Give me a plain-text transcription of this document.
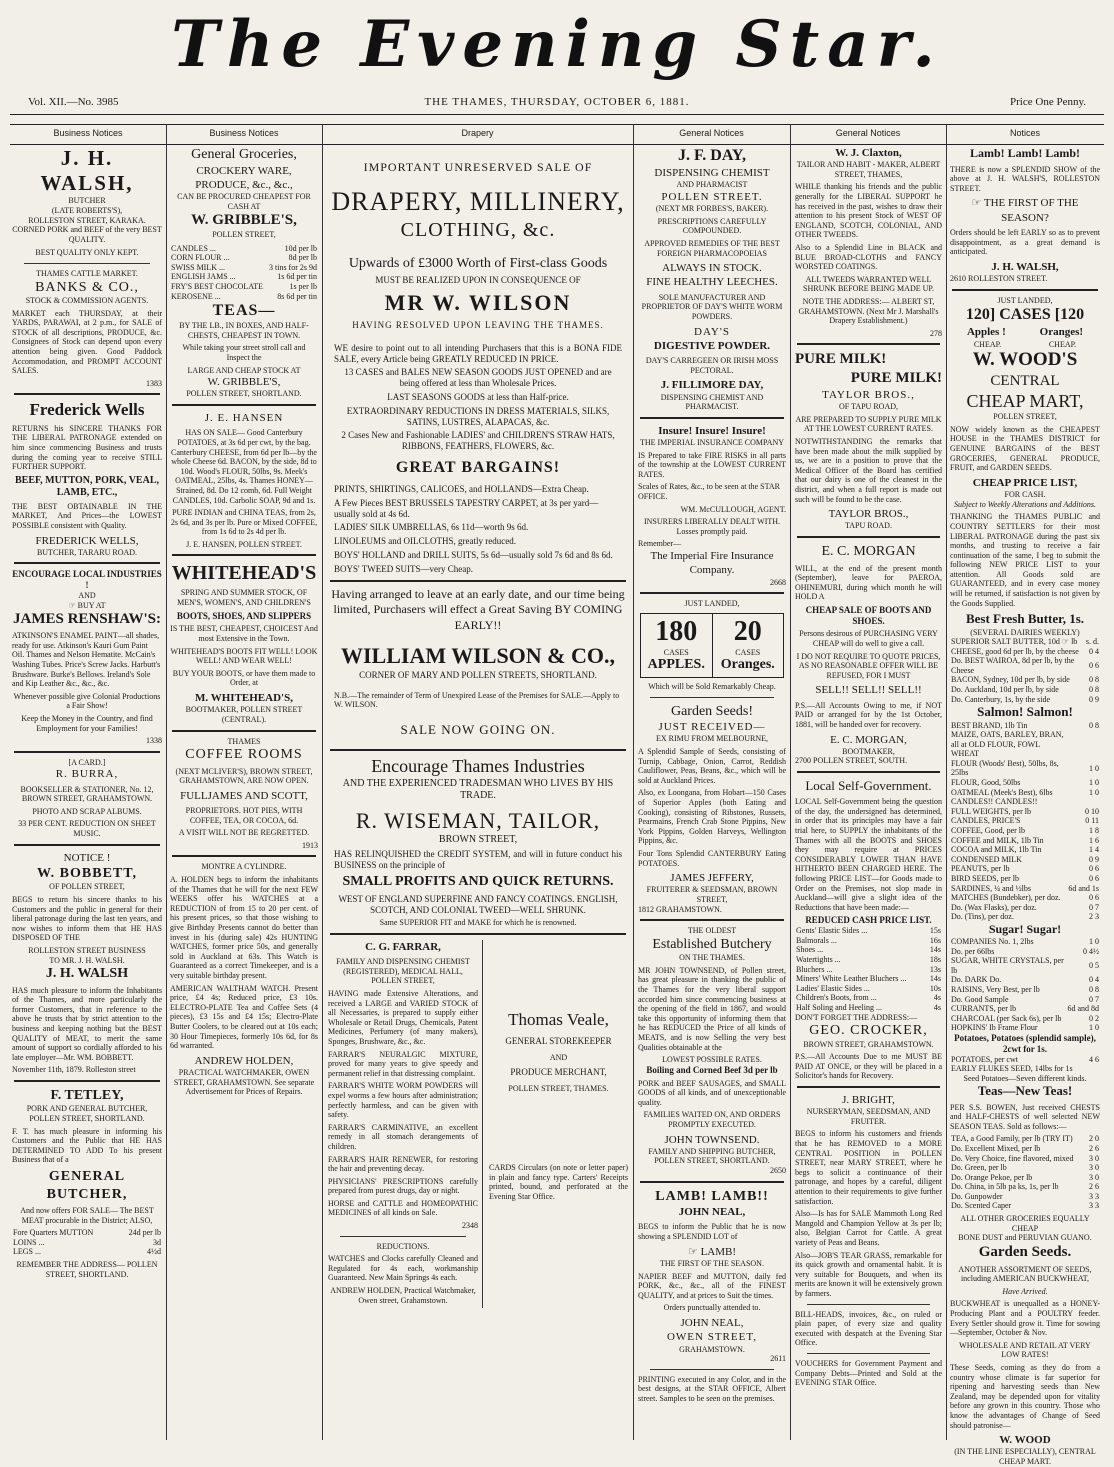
The Evening Star.
Vol. XII.—No. 3985	THE THAMES, THURSDAY, OCTOBER 6, 1881.	Price One Penny.
Business Notices	Business Notices	Drapery	General Notices	General Notices	Notices
J. H. WALSH,
BUTCHER
(LATE ROBERTS'S),
ROLLESTON STREET, KARAKA.
CORNED PORK and BEEF of the very BEST QUALITY.
BEST QUALITY ONLY KEPT.
THAMES CATTLE MARKET.
BANKS & CO.,
STOCK & COMMISSION AGENTS.

MARKET each THURSDAY, at their YARDS, PARAWAI, at 2 p.m., for SALE of STOCK of all descriptions, PRODUCE, &c. Consignees of Stock can depend upon every attention being given. Good Paddock Accommodation, and PROMPT ACCOUNT SALES.

1383
Frederick Wells

RETURNS his SINCERE THANKS FOR THE LIBERAL PATRONAGE extended on him since commencing Business and trusts during the coming year to receive STILL FURTHER SUPPORT.

BEEF, MUTTON, PORK, VEAL, LAMB, ETC.,

THE BEST OBTAINABLE IN THE MARKET, And Prices—the LOWEST POSSIBLE consistent with Quality.

FREDERICK WELLS,
BUTCHER, TARARU ROAD.
ENCOURAGE LOCAL INDUSTRIES !
AND
☞ BUY AT
JAMES RENSHAW'S:

ATKINSON'S ENAMEL PAINT—all shades, ready for use. Atkinson's Kauri Gum Paint Oil. Thames and Nelson Hematite. McCain's Washing Tubes. Price's Screw Jacks. Harbutt's Brushware. Burke's Bellows. Ireland's Sole and Kip Leather &c., &c., &c.

Whenever possible give Colonial Productions a Fair Show!

Keep the Money in the Country, and find Employment for your Families!

1338
[A CARD.]
R. BURRA,

BOOKSELLER & STATIONER, No. 12, BROWN STREET, GRAHAMSTOWN.

PHOTO AND SCRAP ALBUMS.

33 PER CENT. REDUCTION ON SHEET MUSIC.

NOTICE !
W. BOBBETT,
OF POLLEN STREET,

BEGS to return his sincere thanks to his Customers and the public in general for their liberal patronage during the last ten years, and now wishes to inform them that HE HAS DISPOSED OF THE

ROLLESTON STREET BUSINESS
TO MR. J. H. WALSH.
J. H. WALSH

HAS much pleasure to inform the Inhabitants of the Thames, and more particularly the former Customers, that in reference to the above he trusts that by strict attention to the business and keeping nothing but the BEST QUALITY of MEAT, to merit the same amount of support so cordially afforded to his late employer—Mr. WM. BOBBETT.

November 11th, 1879. Rolleston street
F. TETLEY,
PORK AND GENERAL BUTCHER, POLLEN STREET, SHORTLAND.

F. T. has much pleasure in informing his Customers and the Public that HE HAS DETERMINED TO ADD To his present Business that of a

GENERAL BUTCHER,

And now offers FOR SALE— The BEST MEAT procurable in the District; ALSO,

Fore Quarters MUTTON	24d per lb
LOINS ...	3d
LEGS ...	4½d

REMEMBER THE ADDRESS— POLLEN STREET, SHORTLAND.

General Groceries,
CROCKERY WARE, PRODUCE, &c., &c.,
CAN BE PROCURED CHEAPEST FOR CASH AT
W. GRIBBLE'S,
POLLEN STREET,
CANDLES ...	10d per lb
CORN FLOUR ...	8d per lb
SWISS MILK ...	3 tins for 2s 9d
ENGLISH JAMS ...	1s 6d per tin
FRY'S BEST CHOCOLATE	1s per lb
KEROSENE ...	8s 6d per tin
TEAS—
BY THE LB., IN BOXES, AND HALF-CHESTS, CHEAPEST IN TOWN.

While taking your street stroll call and Inspect the

LARGE AND CHEAP STOCK AT
W. GRIBBLE'S,
POLLEN STREET, SHORTLAND.
J. E. HANSEN

HAS ON SALE— Good Canterbury POTATOES, at 3s 6d per cwt, by the bag. Canterbury CHEESE, from 6d per lb—by the whole Cheese 6d. BACON, by the side, 8d to 10d. Wood's FLOUR, 50lbs, 9s. Meek's OATMEAL, 25lbs, 4s. Thames HONEY—Strained, 8d. Do 12 comb, 6d. Full Weight CANDLES, 10d. Carbolic SOAP, 9d and 1s.

PURE INDIAN and CHINA TEAS, from 2s, 2s 6d, and 3s per lb. Pure or Mixed COFFEE, from 1s 6d to 2s 4d per lb.

J. E. HANSEN, POLLEN STREET.
WHITEHEAD'S

SPRING AND SUMMER STOCK, OF MEN'S, WOMEN'S, AND CHILDREN'S

BOOTS, SHOES, AND SLIPPERS

IS THE BEST, CHEAPEST, CHOICEST And most Extensive in the Town.

WHITEHEAD'S BOOTS FIT WELL! LOOK WELL! AND WEAR WELL!

BUY YOUR BOOTS, or have them made to Order, at

M. WHITEHEAD'S,
BOOTMAKER, POLLEN STREET (CENTRAL).
THAMES
COFFEE ROOMS

(NEXT MCLIVER'S), BROWN STREET, GRAHAMSTOWN, ARE NOW OPEN.

FULLJAMES AND SCOTT,

PROPRIETORS. HOT PIES, WITH COFFEE, TEA, OR COCOA, 6d.

A VISIT WILL NOT BE REGRETTED.

1913
MONTRE A CYLINDRE.

A. HOLDEN begs to inform the inhabitants of the Thames that he will for the next FEW WEEKS offer his WATCHES at a REDUCTION of from 15 to 20 per cent. of his present prices, so that those wishing to give Birthday Presents cannot do better than invest in his (during sale) 42s HUNTING WATCHES, former price 50s, and generally sold in Auckland at 63s. This Watch is Guaranteed as a correct Timekeeper, and is a very suitable birthday present.

AMERICAN WALTHAM WATCH. Present price, £4 4s; Reduced price, £3 10s. ELECTRO-PLATE Tea and Coffee Sets (4 pieces), £3 15s and £4 15s; Electro-Plate Butter Coolers, to be cleared out at 10s each; 30 Hour Timepieces, formerly 10s 6d, for 8s 6d warranted.

ANDREW HOLDEN,
PRACTICAL WATCHMAKER, OWEN STREET, GRAHAMSTOWN. See separate Advertisement for Prices of Repairs.
IMPORTANT UNRESERVED SALE OF
DRAPERY, MILLINERY,
CLOTHING, &c.
Upwards of £3000 Worth of First-class Goods
MUST BE REALIZED UPON IN CONSEQUENCE OF
MR W. WILSON
HAVING RESOLVED UPON LEAVING THE THAMES.

WE desire to point out to all intending Purchasers that this is a BONA FIDE SALE, every Article being GREATLY REDUCED IN PRICE.

13 CASES and BALES NEW SEASON GOODS JUST OPENED and are being offered at less than Wholesale Prices.

LAST SEASONS GOODS at less than Half-price.

EXTRAORDINARY REDUCTIONS IN DRESS MATERIALS, SILKS, SATINS, LUSTRES, ALAPACAS, &c.

2 Cases New and Fashionable LADIES' and CHILDREN'S STRAW HATS, RIBBONS, FEATHERS, FLOWERS, &c.

GREAT BARGAINS!

PRINTS, SHIRTINGS, CALICOES, and HOLLANDS—Extra Cheap.

A Few Pieces BEST BRUSSELS TAPESTRY CARPET, at 3s per yard—usually sold at 4s 6d.

LADIES' SILK UMBRELLAS, 6s 11d—worth 9s 6d.

LINOLEUMS and OILCLOTHS, greatly reduced.

BOYS' HOLLAND and DRILL SUITS, 5s 6d—usually sold 7s 6d and 8s 6d.

BOYS' TWEED SUITS—very Cheap.

Having arranged to leave at an early date, and our time being limited, Purchasers will effect a Great Saving BY COMING EARLY!!

WILLIAM WILSON & CO.,
CORNER OF MARY AND POLLEN STREETS, SHORTLAND.

N.B.—The remainder of Term of Unexpired Lease of the Premises for SALE.—Apply to W. WILSON.

SALE NOW GOING ON.
Encourage Thames Industries
AND THE EXPERIENCED TRADESMAN WHO LIVES BY HIS TRADE.
R. WISEMAN, TAILOR,
BROWN STREET,

HAS RELINQUISHED the CREDIT SYSTEM, and will in future conduct his BUSINESS on the principle of

SMALL PROFITS AND QUICK RETURNS.

WEST OF ENGLAND SUPERFINE AND FANCY COATINGS. ENGLISH, SCOTCH, AND COLONIAL TWEED—WELL SHRUNK.

Same SUPERIOR FIT and MAKE for which he is renowned.

C. G. FARRAR,

FAMILY AND DISPENSING CHEMIST (REGISTERED), MEDICAL HALL, POLLEN STREET,

HAVING made Extensive Alterations, and received a LARGE and VARIED STOCK of all Necessaries, is prepared to supply either Wholesale or Retail Drugs, Chemicals, Patent Medicines, Perfumery (of many makers), Sponges, Brushware, &c., &c.

FARRAR'S NEURALGIC MIXTURE, proved for many years to give speedy and permanent relief in that distressing complaint.

FARRAR'S WHITE WORM POWDERS will expel worms a few hours after administration; perfectly harmless, and can be given with safety.

FARRAR'S CARMINATIVE, an excellent remedy in all stomach derangements of children.

FARRAR'S HAIR RENEWER, for restoring the hair and preventing decay.

PHYSICIANS' PRESCRIPTIONS carefully prepared from purest drugs, day or night.

HORSE and CATTLE and HOMEOPATHIC MEDICINES of all kinds on Sale.

2348
REDUCTIONS.

WATCHES and Clocks carefully Cleaned and Regulated for 4s each, workmanship Guaranteed. New Main Springs 4s each.

ANDREW HOLDEN, Practical Watchmaker, Owen street, Grahamstown.

Thomas Veale,
GENERAL STOREKEEPER
AND
PRODUCE MERCHANT,
POLLEN STREET, THAMES.

CARDS Circulars (on note or letter paper) in plain and fancy type. Carters' Receipts printed, bound, and perforated at the Evening Star Office.

J. F. DAY,
DISPENSING CHEMIST
AND PHARMACIST
POLLEN STREET.
(NEXT MR FORBES'S, BAKER).

PRESCRIPTIONS CAREFULLY COMPOUNDED.

APPROVED REMEDIES OF THE BEST FOREIGN PHARMACOPOEIAS

ALWAYS IN STOCK.
FINE HEALTHY LEECHES.

SOLE MANUFACTURER AND PROPRIETOR OF DAY'S WHITE WORM POWDERS.

DAY'S
DIGESTIVE POWDER.

DAY'S CARREGEEN OR IRISH MOSS PECTORAL.

J. FILLIMORE DAY,
DISPENSING CHEMIST AND PHARMACIST.
Insure! Insure! Insure!
THE IMPERIAL INSURANCE COMPANY

IS Prepared to take FIRE RISKS in all parts of the township at the LOWEST CURRENT RATES.

Scales of Rates, &c., to be seen at the STAR OFFICE.

WM. McCULLOUGH, AGENT.

INSURERS LIBERALLY DEALT WITH. Losses promptly paid.

Remember—
The Imperial Fire Insurance Company.
2668
JUST LANDED,
180
CASES
APPLES.
20
CASES
Oranges.
Which will be Sold Remarkably Cheap.
Garden Seeds!
JUST RECEIVED—
EX RIMU FROM MELBOURNE,

A Splendid Sample of Seeds, consisting of Turnip, Cabbage, Onion, Carrot, Reddish Cauliflower, Peas, Beans, &c., which will be sold at Auckland Prices.

Also, ex Loongana, from Hobart—150 Cases of Superior Apples (both Eating and Cooking), consisting of Ribstones, Russets, Pearmains, French Crab Stone Pippins, New York Pippins, Golden Harveys, Wellington Pippins, &c.

Four Tons Splendid CANTERBURY Eating POTATOES.

JAMES JEFFERY,
FRUITERER & SEEDSMAN, BROWN STREET,
1812 GRAHAMSTOWN.
THE OLDEST
Established Butchery
ON THE THAMES.

MR JOHN TOWNSEND, of Pollen street, has great pleasure in thanking the public of the Thames for the very liberal support accorded him since commencing business at the opening of the field in 1867, and would take this opportunity of informing them that he has REDUCED the Price of all kinds of MEATS, and is now Selling the very best Qualities obtainable at the

LOWEST POSSIBLE RATES.
Boiling and Corned Beef 3d per lb

PORK and BEEF SAUSAGES, and SMALL GOODS of all kinds, and of unexceptionable quality.

FAMILIES WAITED ON, AND ORDERS PROMPTLY EXECUTED.

JOHN TOWNSEND.
FAMILY AND SHIPPING BUTCHER, POLLEN STREET, SHORTLAND.
2650
LAMB! LAMB!!
JOHN NEAL,

BEGS to inform the Public that he is now showing a SPLENDID LOT of

☞ LAMB!
THE FIRST OF THE SEASON.

NAPIER BEEF and MUTTON, daily fed PORK, &c., &c., all of the FINEST QUALITY, and at prices to Suit the times.

Orders punctually attended to.

JOHN NEAL,
OWEN STREET,
GRAHAMSTOWN.
2611

PRINTING executed in any Color, and in the best designs, at the STAR OFFICE, Albert street. Samples to be seen on the premises.

W. J. Claxton,
TAILOR AND HABIT - MAKER, ALBERT STREET, THAMES,

WHILE thanking his friends and the public generally for the LIBERAL SUPPORT he has received in the past, wishes to draw their attention to his present Stock of WEST OF ENGLAND, SCOTCH, COLONIAL, AND OTHER TWEEDS.

Also to a Splendid Line in BLACK and BLUE BROAD-CLOTHS and FANCY WORSTED COATINGS.

ALL TWEEDS WARRANTED WELL SHRUNK BEFORE BEING MADE UP.

NOTE THE ADDRESS:— ALBERT ST, GRAHAMSTOWN. (Next Mr J. Marshall's Drapery Establishment.)

278
PURE MILK!
PURE MILK!
TAYLOR BROS.,
OF TAPU ROAD,

ARE PREPARED TO SUPPLY PURE MILK AT THE LOWEST CURRENT RATES.

NOTWITHSTANDING the remarks that have been made about the milk supplied by us, we are in a position to prove that the Medical Officer of the Board has certified that our dairy is one of the cleanest in the district, and when a full report is made out such will be found to be the case.

TAYLOR BROS.,
TAPU ROAD.
E. C. MORGAN

WILL, at the end of the present month (September), leave for PAEROA, OHINEMURI, during which month he will HOLD A

CHEAP SALE OF BOOTS AND SHOES.

Persons desirous of PURCHASING VERY CHEAP will do well to give a call.

I DO NOT REQUIRE TO QUOTE PRICES, AS NO REASONABLE OFFER WILL BE REFUSED, FOR I MUST

SELL!! SELL!! SELL!!

P.S.—All Accounts Owing to me, if NOT PAID or arranged for by the 1st October, 1881, will be handed over for recovery.

E. C. MORGAN,
BOOTMAKER,
2700 POLLEN STREET, SOUTH.
Local Self-Government.

LOCAL Self-Government being the question of the day, the undersigned has determined, in order that its principles may have a fair trial here, to SUPPLY the inhabitants of the Thames with all the BOOTS and SHOES they may require at PRICES CONSIDERABLY LOWER THAN HAVE HITHERTO BEEN CHARGED HERE. The following PRICE LIST—for Goods made to Order on the Premises, not slop made in Auckland—will give a slight idea of the Reductions that have been made:—

REDUCED CASH PRICE LIST.
Gents' Elastic Sides ...	15s
Balmorals ...	16s
Shoes ...	14s
Watertights ...	18s
Bluchers ...	13s
Miners' White Leather Bluchers ...	14s
Ladies' Elastic Sides ...	10s
Children's Boots, from ...	4s
Half Soling and Heeling ...	4s
DON'T FORGET THE ADDRESS:—
GEO. CROCKER,
BROWN STREET, GRAHAMSTOWN.

P.S.—All Accounts Due to me MUST BE PAID AT ONCE, or they will be placed in a Solicitor's hands for Recovery.

J. BRIGHT,
NURSERYMAN, SEEDSMAN, AND FRUITER.

BEGS to inform his customers and friends that he has REMOVED to a MORE CENTRAL POSITION in POLLEN STREET, near MARY STREET, where he begs to solicit a continuance of their patronage, and hopes by a careful, diligent attention to their requirements to give further satisfaction.

Also—Is has for SALE Mammoth Long Red Mangold and Champion Yellow at 3s per lb; also, Belgian Carrot for Cattle. A great variety of Peas and Beans.

Also—JOB'S TEAR GRASS, remarkable for its quick growth and ornamental habit. It is very suitable for Bouquets, and when its merits are known it will be extensively grown by farmers.

BILL-HEADS, invoices, &c., on ruled or plain paper, of every size and quality executed with despatch at the Evening Star Office.

VOUCHERS for Government Payment and Company Debts—Printed and Sold at the EVENING STAR Office.

Lamb! Lamb! Lamb!

THERE is now a SPLENDID SHOW of the above at J. H. WALSH'S, ROLLESTON STREET.

☞ THE FIRST OF THE SEASON?

Orders should be left EARLY so as to prevent disappointment, as a great demand is anticipated.

J. H. WALSH,
2610 ROLLESTON STREET.
JUST LANDED,
120] CASES [120
Apples !	Oranges!
CHEAP.	CHEAP.
W. WOOD'S
CENTRAL
CHEAP MART,
POLLEN STREET,

NOW widely known as the CHEAPEST HOUSE in the THAMES DISTRICT for GENUINE BARGAINS of the BEST GROCERIES, GENERAL PRODUCE, FRUIT, and GARDEN SEEDS.

CHEAP PRICE LIST,
FOR CASH.
Subject to Weekly Alterations and Additions.

THANKING the THAMES PUBLIC and COUNTRY SETTLERS for their most LIBERAL PATRONAGE during the past six months, and trusting to receive a fair continuation of the same, I beg to submit the following NEW PRICE LIST to your attention. All Goods sold are GUARANTEED, and in every case money will be returned, if satisfaction is not given by the Goods Supplied.

Best Fresh Butter, 1s.
(SEVERAL DAIRIES WEEKLY)
SUPERIOR SALT BUTTER, 10d ☞ lb	s. d.
CHEESE, good 6d per lb, by the cheese	0 4
Do. BEST WAIROA, 8d per lb, by the Cheese	0 6
BACON, Sydney, 10d per lb, by side	0 8
Do. Auckland, 10d per lb, by side	0 8
Do. Canterbury, 1s, by the side	0 9
Salmon! Salmon!
BEST BRAND, 1lb Tin	0 8
MAIZE, OATS, BARLEY, BRAN, all at OLD FLOUR, FOWL WHEAT	
FLOUR (Woods' Best), 50lbs, 8s, 25lbs	1 0
FLOUR, Good, 50lbs	1 0
OATMEAL (Meek's Best), 6lbs	1 0
CANDLES!! CANDLES!!	
FULL WEIGHTS, per lb	0 10
CANDLES, PRICE'S	0 11
COFFEE, Good, per lb	1 8
COFFEE and MILK, 1lb Tin	1 6
COCOA and MILK, 1lb Tin	1 4
CONDENSED MILK	0 9
PEANUTS, per lb	0 6
BIRD SEEDS, per lb	0 6
SARDINES, ¼ and ½lbs	6d and 1s
MATCHES (Bundebker), per doz.	0 6
Do. (Wax Flasks), per doz.	0 7
Do. (Tins), per doz.	2 3
Sugar! Sugar!
COMPANIES No. 1, 2lbs	1 0
Do. per 66lbs	0 4½
SUGAR, WHITE CRYSTALS, per lb	0 5
Do. DARK Do.	0 4
RAISINS, Very Best, per lb	0 8
Do. Good Sample	0 7
CURRANTS, per lb	6d and 8d
CHARCOAL (per Sack 6s), per lb	0 2
HOPKINS' Ib Frame Flour	1 0
Potatoes, Potatoes (splendid sample), 2cwt for 1s.
POTATOES, per cwt	4 6
EARLY FLUKES SEED, 14lbs for 1s	
Seed Potatoes—Seven different kinds.
Teas—New Teas!

PER S.S. BOWEN, Just received CHESTS and HALF-CHESTS of well selected NEW SEASON TEAS. Sold as follows:—

TEA, a Good Family, per lb (TRY IT)	2 0
Do. Excellent Mixed, per lb	2 6
Do. Very Choice, fine flavored, mixed	3 0
Do. Green, per lb	3 0
Do. Orange Pekoe, per lb	3 0
Do. China, in 5lb pa ks, 1s, per lb	2 6
Do. Gunpowder	3 3
Do. Scented Caper	3 3
ALL OTHER GROCERIES EQUALLY CHEAP
BONE DUST and PERUVIAN GUANO.
Garden Seeds.

ANOTHER ASSORTMENT OF SEEDS, including AMERICAN BUCKWHEAT,

Have Arrived.

BUCKWHEAT is unequalled as a HONEY-Producing Plant and a POULTRY feeder. Every Settler should grow it. Time for sowing—September, October & Nov.

WHOLESALE AND RETAIL AT VERY LOW RATES!

These Seeds, coming as they do from a country whose climate is far superior for ripening and harvesting seeds than New Zealand, may be depended upon for vitality before any grown in this country. Those who know the advantages of Change of Seed should patronise—

W. WOOD
(IN THE LINE ESPECIALLY), CENTRAL CHEAP MART.
